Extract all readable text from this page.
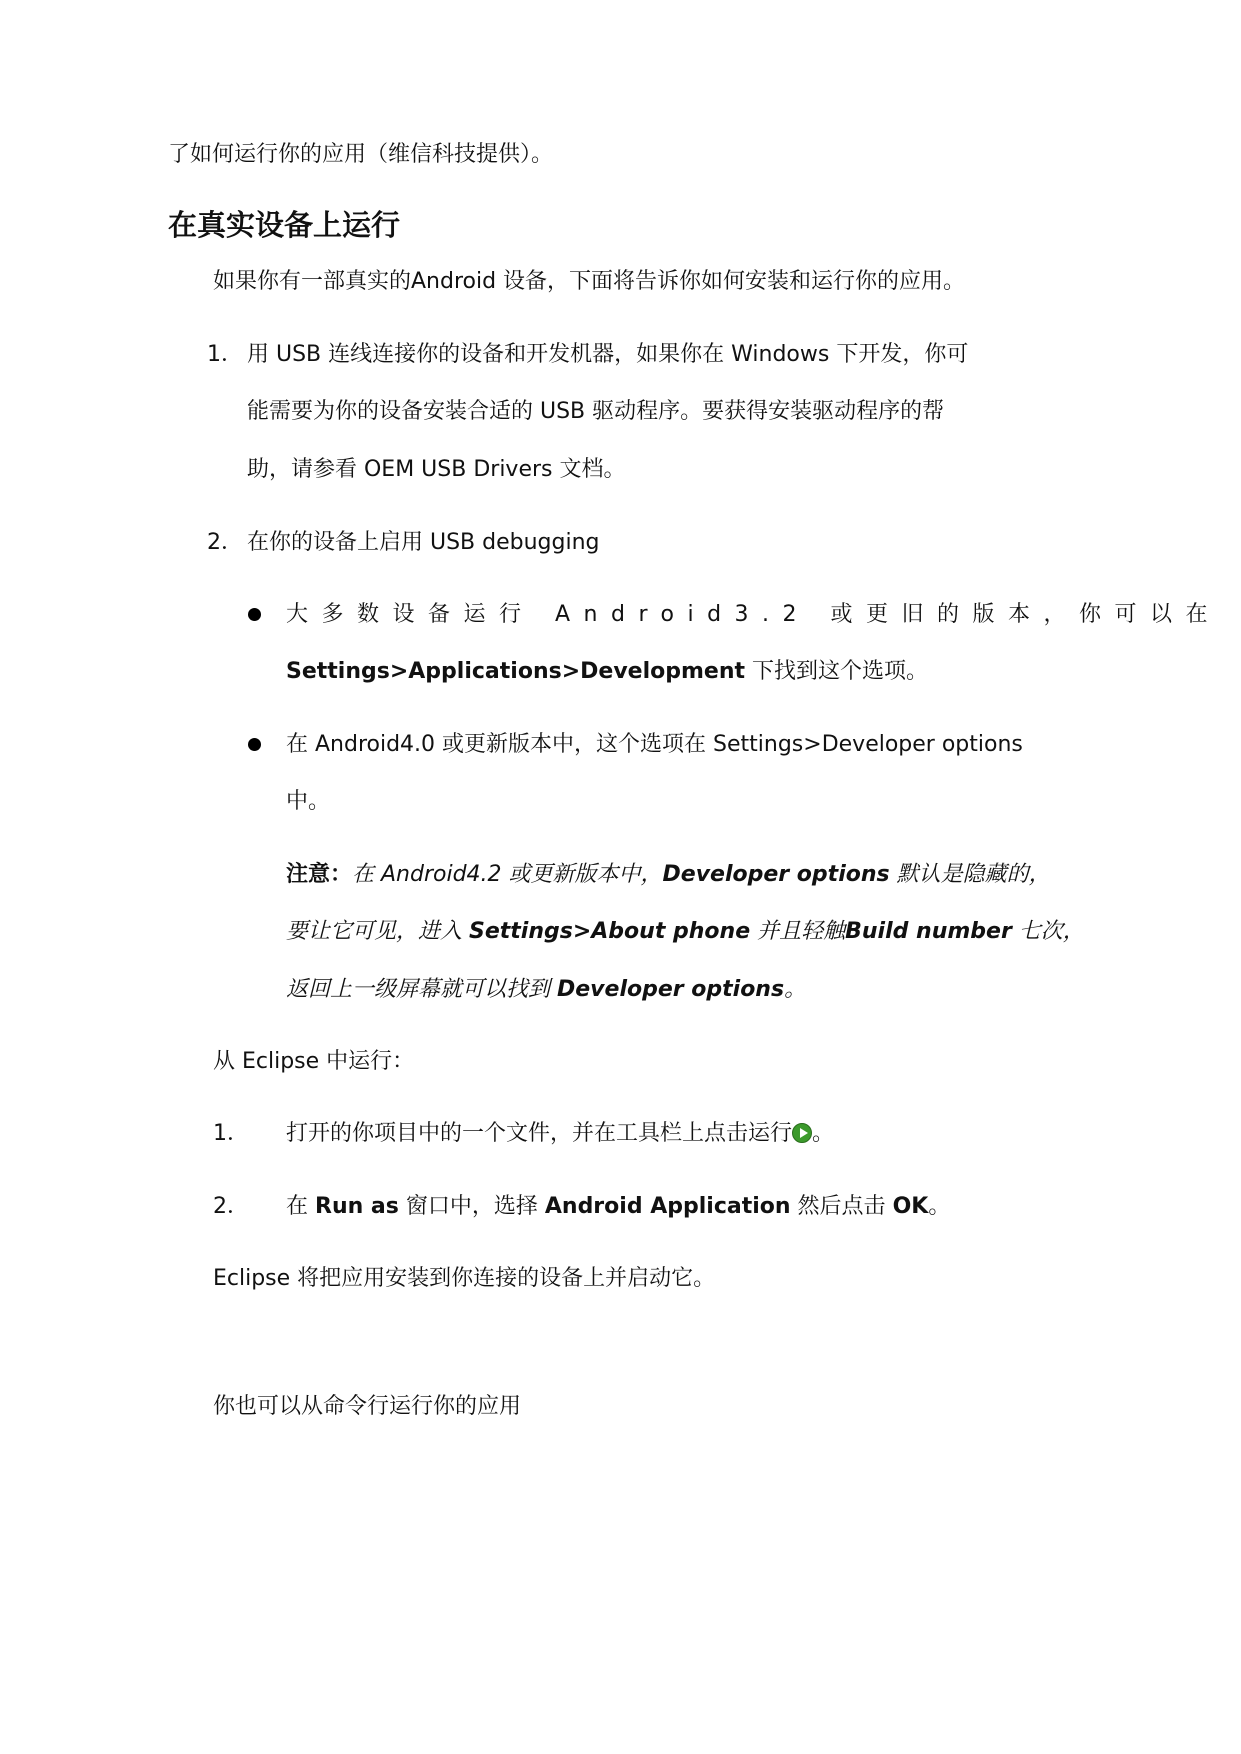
了如何运行你的应用（维信科技提供）。
在真实设备上运行
如果你有一部真实的Android 设备，下面将告诉你如何安装和运行你的应用。
1． 用 USB 连线连接你的设备和开发机器，如果你在 Windows 下开发，你可
能需要为你的设备安装合适的 USB 驱动程序。要获得安装驱动程序的帮
助，请参看 OEM USB Drivers 文档。
2． 在你的设备上启用 USB debugging
大多数设备运行 Android3.2 或更旧的版本，你可以在
Settings>Applications>Development 下找到这个选项。
在 Android4.0 或更新版本中，这个选项在 Settings>Developer options
中。
注意：在 Android4.2 或更新版本中，Developer options 默认是隐藏的，
要让它可见，进入 Settings>About phone 并且轻触Build number 七次，
返回上一级屏幕就可以找到 Developer options。
从 Eclipse 中运行：
1． 打开的你项目中的一个文件，并在工具栏上点击运行 。
2． 在 Run as 窗口中，选择 Android Application 然后点击 OK。
Eclipse 将把应用安装到你连接的设备上并启动它。
你也可以从命令行运行你的应用
